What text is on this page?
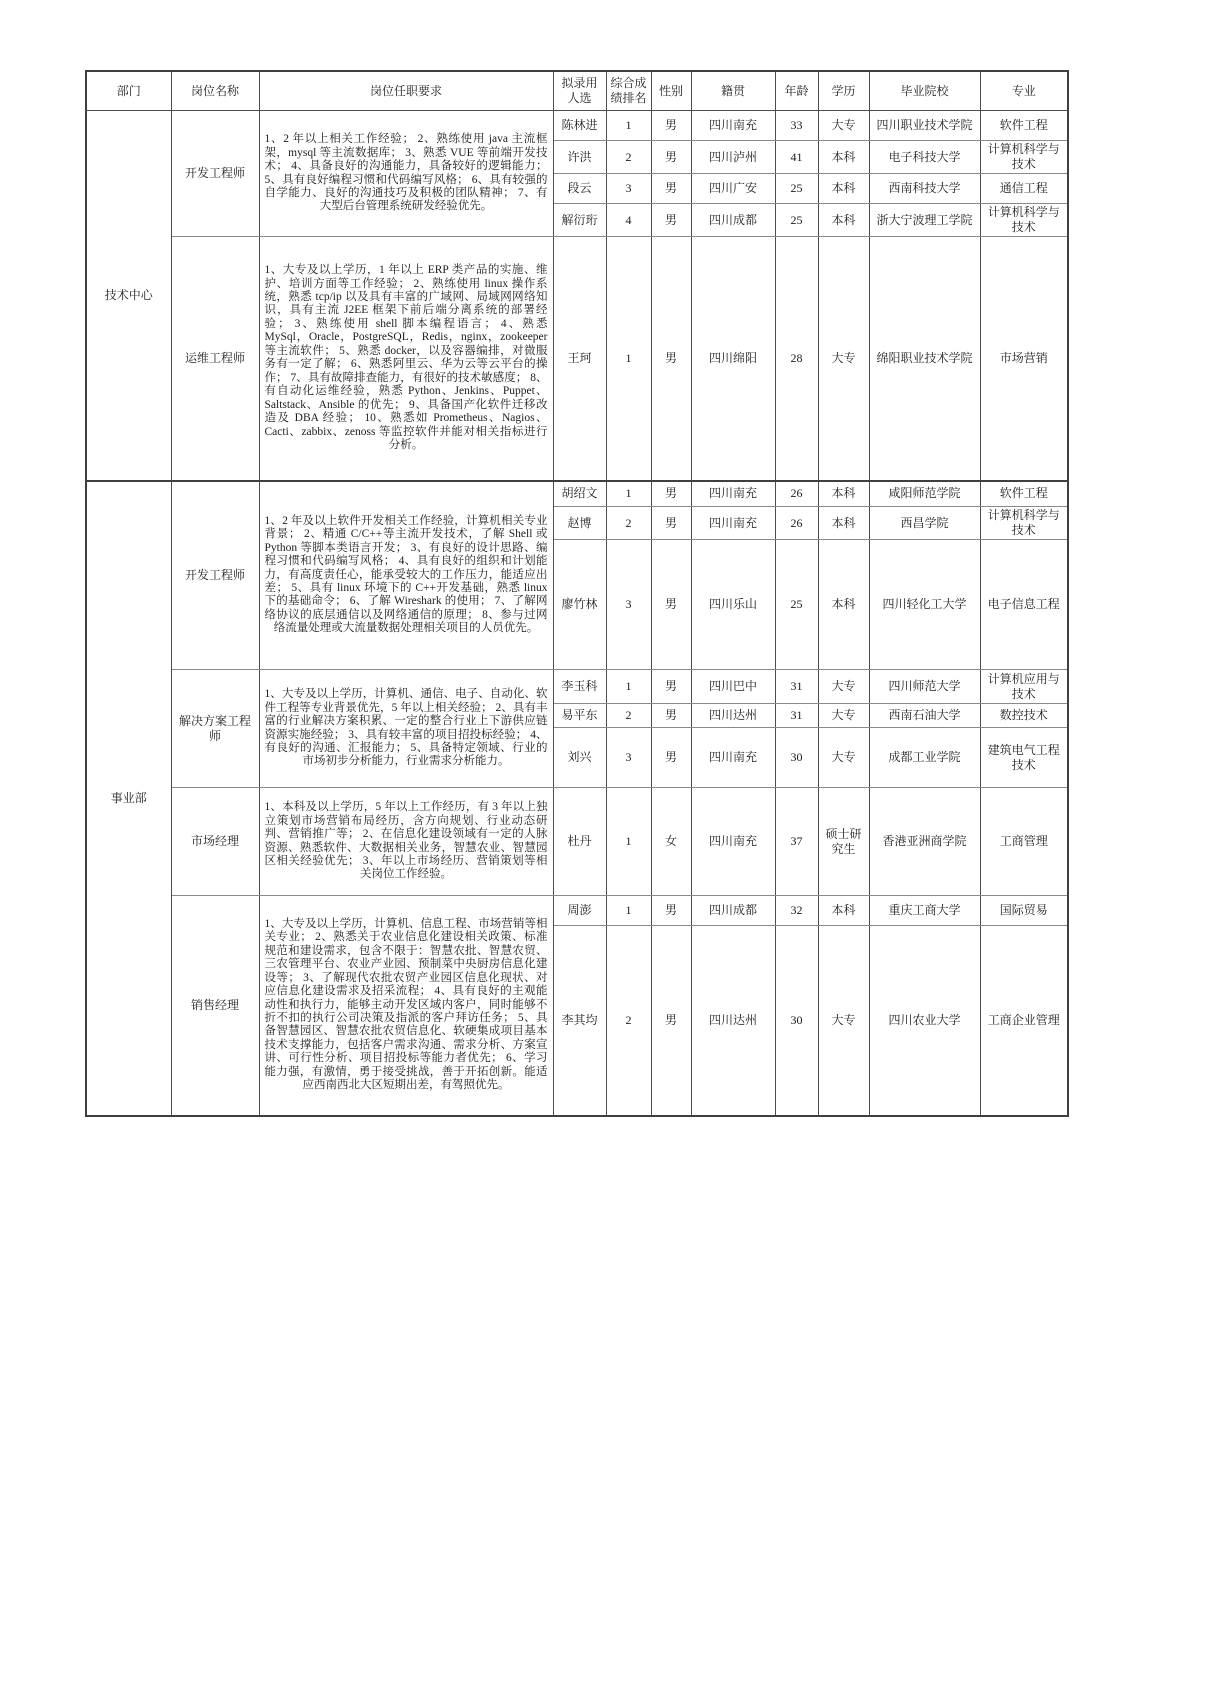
部门	岗位名称	岗位任职要求	拟录用人选	综合成绩排名	性别	籍贯	年龄	学历	毕业院校	专业
技术中心	开发工程师	1、2 年以上相关工作经验； 2、熟练使用 java 主流框架，mysql 等主流数据库； 3、熟悉 VUE 等前端开发技术； 4、具备良好的沟通能力，具备较好的逻辑能力； 5、具有良好编程习惯和代码编写风格； 6、具有较强的自学能力、良好的沟通技巧及积极的团队精神； 7、有大型后台管理系统研发经验优先。	陈林进	1	男	四川南充	33	大专	四川职业技术学院	软件工程
			许洪	2	男	四川泸州	41	本科	电子科技大学	计算机科学与技术
			段云	3	男	四川广安	25	本科	西南科技大学	通信工程
			解衍珩	4	男	四川成都	25	本科	浙大宁波理工学院	计算机科学与技术
	运维工程师	1、大专及以上学历，1 年以上 ERP 类产品的实施、维护、培训方面等工作经验； 2、熟练使用 linux 操作系统，熟悉 tcp/ip 以及具有丰富的广域网、局域网网络知识，具有主流 J2EE 框架下前后端分离系统的部署经验； 3、熟练使用 shell 脚本编程语言； 4、熟悉 MySql，Oracle，PostgreSQL，Redis，nginx，zookeeper 等主流软件； 5、熟悉 docker，以及容器编排，对微服务有一定了解； 6、熟悉阿里云、华为云等云平台的操作； 7、具有故障排查能力，有很好的技术敏感度； 8、有自动化运维经验，熟悉 Python、Jenkins、Puppet、Saltstack、Ansible 的优先； 9、具备国产化软件迁移改造及 DBA 经验； 10、熟悉如 Prometheus、Nagios、Cacti、zabbix、zenoss 等监控软件并能对相关指标进行分析。	王珂	1	男	四川绵阳	28	大专	绵阳职业技术学院	市场营销
事业部	开发工程师	1、2 年及以上软件开发相关工作经验，计算机相关专业背景； 2、精通 C/C++等主流开发技术，了解 Shell 或 Python 等脚本类语言开发； 3、有良好的设计思路、编程习惯和代码编写风格； 4、具有良好的组织和计划能力，有高度责任心，能承受较大的工作压力，能适应出差； 5、具有 linux 环境下的 C++开发基础，熟悉 linux 下的基础命令； 6、了解 Wireshark 的使用； 7、了解网络协议的底层通信以及网络通信的原理； 8、参与过网络流量处理或大流量数据处理相关项目的人员优先。	胡绍文	1	男	四川南充	26	本科	咸阳师范学院	软件工程
			赵博	2	男	四川南充	26	本科	西昌学院	计算机科学与技术
			廖竹林	3	男	四川乐山	25	本科	四川轻化工大学	电子信息工程
	解决方案工程师	1、大专及以上学历，计算机、通信、电子、自动化、软件工程等专业背景优先，5 年以上相关经验； 2、具有丰富的行业解决方案积累、一定的整合行业上下游供应链资源实施经验； 3、具有较丰富的项目招投标经验； 4、有良好的沟通、汇报能力； 5、具备特定领域、行业的市场初步分析能力，行业需求分析能力。	李玉科	1	男	四川巴中	31	大专	四川师范大学	计算机应用与技术
			易平东	2	男	四川达州	31	大专	西南石油大学	数控技术
			刘兴	3	男	四川南充	30	大专	成都工业学院	建筑电气工程技术
	市场经理	1、本科及以上学历，5 年以上工作经历，有 3 年以上独立策划市场营销布局经历，含方向规划、行业动态研判、营销推广等； 2、在信息化建设领域有一定的人脉资源、熟悉软件、大数据相关业务，智慧农业、智慧园区相关经验优先； 3、年以上市场经历、营销策划等相关岗位工作经验。	杜丹	1	女	四川南充	37	硕士研究生	香港亚洲商学院	工商管理
	销售经理	1、大专及以上学历，计算机、信息工程、市场营销等相关专业； 2、熟悉关于农业信息化建设相关政策、标准规范和建设需求，包含不限于：智慧农批、智慧农贸、三农管理平台、农业产业园、预制菜中央厨房信息化建设等； 3、了解现代农批农贸产业园区信息化现状、对应信息化建设需求及招采流程； 4、具有良好的主观能动性和执行力，能够主动开发区域内客户，同时能够不折不扣的执行公司决策及指派的客户拜访任务； 5、具备智慧园区、智慧农批农贸信息化、软硬集成项目基本技术支撑能力，包括客户需求沟通、需求分析、方案宣讲、可行性分析、项目招投标等能力者优先； 6、学习能力强，有激情，勇于接受挑战，善于开拓创新。能适应西南西北大区短期出差，有驾照优先。	周澎	1	男	四川成都	32	本科	重庆工商大学	国际贸易
			李其均	2	男	四川达州	30	大专	四川农业大学	工商企业管理
